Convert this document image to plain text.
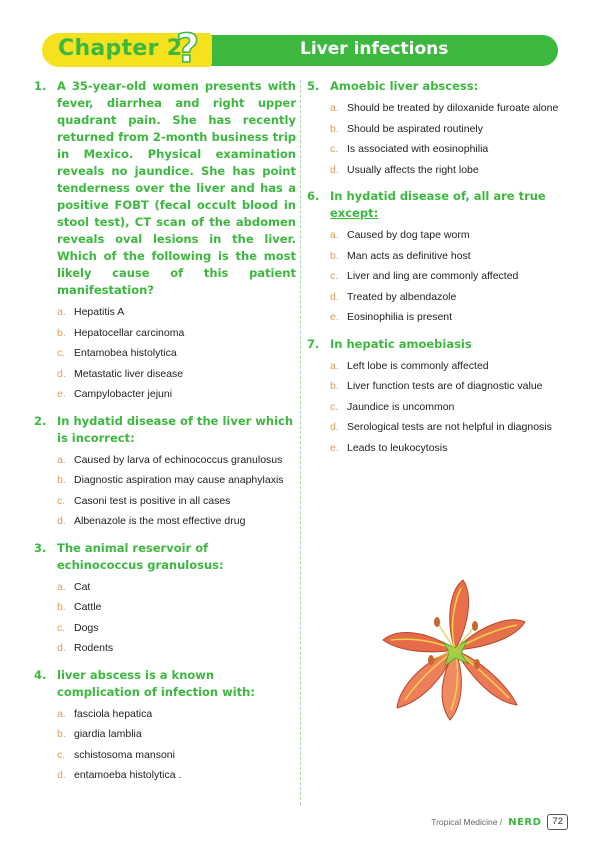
Chapter 2
?	Liver infections
1. A 35-year-old women presents with fever, diarrhea and right upper quadrant pain. She has recently returned from 2-month business trip in Mexico. Physical examination reveals no jaundice. She has point tenderness over the liver and has a positive FOBT (fecal occult blood in stool test), CT scan of the abdomen reveals oval lesions in the liver. Which of the following is the most likely cause of this patient manifestation?
a. Hepatitis A
b. Hepatocellar carcinoma
c. Entamobea histolytica
d. Metastatic liver disease
e. Campylobacter jejuni
2. In hydatid disease of the liver which is incorrect:
a. Caused by larva of echinococcus granulosus
b. Diagnostic aspiration may cause anaphylaxis
c. Casoni test is positive in all cases
d. Albenazole is the most effective drug
3. The animal reservoir of echinococcus granulosus:
a. Cat
b. Cattle
c. Dogs
d. Rodents
4. liver abscess is a known complication of infection with:
a. fasciola hepatica
b. giardia lamblia
c. schistosoma mansoni
d. entamoeba histolytica .
5. Amoebic liver abscess:
a. Should be treated by diloxanide furoate alone
b. Should be aspirated routinely
c. Is associated with eosinophilia
d. Usually affects the right lobe
6. In hydatid disease of, all are true except:
a. Caused by dog tape worm
b. Man acts as definitive host
c. Liver and ling are commonly affected
d. Treated by albendazole
e. Eosinophilia is present
7. In hepatic amoebiasis
a. Left lobe is commonly affected
b. Liver function tests are of diagnostic value
c. Jaundice is uncommon
d. Serological tests are not helpful in diagnosis
e. Leads to leukocytosis
Tropical Medicine / NERD	72
